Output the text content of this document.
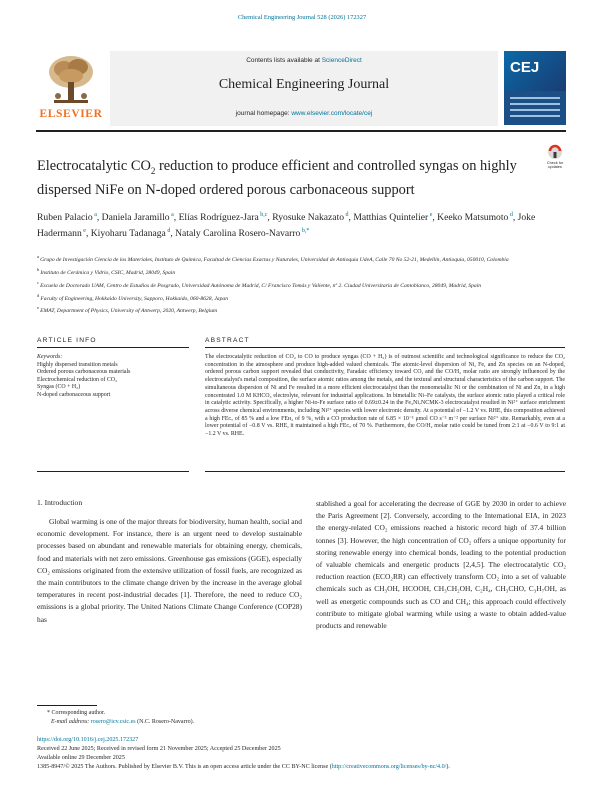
Chemical Engineering Journal 528 (2026) 172327
ELSEVIER
Contents lists available at ScienceDirect
Chemical Engineering Journal
journal homepage: www.elsevier.com/locate/cej
CEJ
Check for updates
Electrocatalytic $CO_2$ reduction to produce efficient and controlled syngas on highly dispersed NiFe on N-doped ordered porous carbonaceous support
Ruben Palacio $^a$, Daniela Jaramillo $^a$, Elías Rodríguez-Jara $^{b,c}$, Ryosuke Nakazato $^d$, Matthias Quintelier $^e$, Keeko Matsumoto $^d$, Joke Hadermann $^e$, Kiyoharu Tadanaga $^d$, Nataly Carolina Rosero-Navarro $^{b,*}$

$^a$ Grupo de Investigación Ciencia de los Materiales, Instituto de Química, Facultad de Ciencias Exactas y Naturales, Universidad de Antioquia UdeA, Calle 70 No 52-21, Medellín, Antioquia, 050010, Colombia

$^b$ Instituto de Cerámica y Vidrio, CSIC, Madrid, 28049, Spain

$^c$ Escuela de Doctorado UAM, Centro de Estudios de Posgrado, Universidad Autónoma de Madrid, C/ Francisco Tomás y Valiente, nº 2. Ciudad Universitaria de Cantoblanco, 28049, Madrid, Spain

$^d$ Faculty of Engineering, Hokkaido University, Sapporo, Hokkaido, 060-8628, Japan

$^e$ EMAT, Department of Physics, University of Antwerp, 2020, Antwerp, Belgium

ARTICLE INFO	ABSTRACT
Keywords:
Highly dispersed transition metals
Ordered porous carbonaceous materials
Electrochemical reduction of CO₂
Syngas (CO + H₂)
N-doped carbonaceous support
The electrocatalytic reduction of CO₂ to CO to produce syngas (CO + H₂) is of outmost scientific and technological significance to reduce the CO₂ concentration in the atmosphere and produce high-added valued chemicals. The atomic-level dispersion of Ni, Fe, and Zn species on an N-doped, ordered porous carbon support revealed that conductivity, Faradaic efficiency toward CO, and the CO/H₂ molar ratio are strongly influenced by the electrocatalyst's metal composition, the surface atomic ratios among the metals, and the textural and structural characteristics of the carbon support. The simultaneous dispersion of Ni and Fe resulted in a more efficient electrocatalyst than the monometallic Ni or the combination of Ni and Zn, in a high concentrated 1.0 M KHCO₃ electrolyte, relevant for industrial applications. In bimetallic Ni–Fe catalysts, the surface atomic ratio played a critical role in catalytic activity. Specifically, a higher Ni-to-Fe surface ratio of 0.69±0.24 in the Fe₃Ni₇NCMK-3 electrocatalyst resulted in Ni²⁺ surface enrichment across diverse chemical environments, including Ni²⁺ species with lower electronic density. At a potential of −1.2 V vs. RHE, this composition achieved a high FEᴄₒ of 85 % and a low FEʜ₂ of 9 %, with a CO production rate of 6.85 × 10⁻¹ μmol CO s⁻¹ m⁻² per surface Ni²⁺ site. Remarkably, even at a lower potential of −0.8 V vs. RHE, it maintained a high FEᴄₒ of 70 %. Furthermore, the CO/H₂ molar ratio could be tuned from 2:1 at −0.6 V to 9:1 at −1.2 V vs. RHE.
1. Introduction
Global warming is one of the major threats for biodiversity, human health, social and economic development. For instance, there is an urgent need to develop sustainable processes based on abundant and renewable materials for obtaining energy, chemicals, food and materials with net zero emissions. Greenhouse gas emissions (GGE), especially CO₂ emissions originated from the extensive utilization of fossil fuels, are recognized as the main contributors to the climate change driven by the increase in the average global temperatures in recent post-industrial decades [1]. Therefore, the need to reduce CO₂ emissions is a global priority. The United Nations Climate Change Conference (COP28) has
stablished a goal for accelerating the decrease of GGE by 2030 in order to achieve the Paris Agreement [2]. Conversely, according to the International EIA, in 2023 the energy-related CO₂ emissions reached a historic record high of 37.4 billion tonnes [3]. However, the high concentration of CO₂ offers a unique opportunity for storing renewable energy into chemical bonds, leading to the potential production of valuable chemicals and energetic products [2,4,5]. The electrocatalytic CO₂ reduction reaction (ECO₂RR) can effectively transform CO₂ into a set of valuable chemicals such as CH₃OH, HCOOH, CH₃CH₂OH, C₂H₄, CH₃CHO, C₃H₇OH, as well as energetic compounds such as CO and CH₄; this approach could effectively contribute to mitigate global warming while using a waste to obtain added-value products and renewable
* Corresponding author.
E-mail address: rosero@icv.csic.es (N.C. Rosero-Navarro).
https://doi.org/10.1016/j.cej.2025.172327
Received 22 June 2025; Received in revised form 21 November 2025; Accepted 25 December 2025
Available online 29 December 2025
1385-8947/© 2025 The Authors. Published by Elsevier B.V. This is an open access article under the CC BY-NC license (http://creativecommons.org/licenses/by-nc/4.0/).
